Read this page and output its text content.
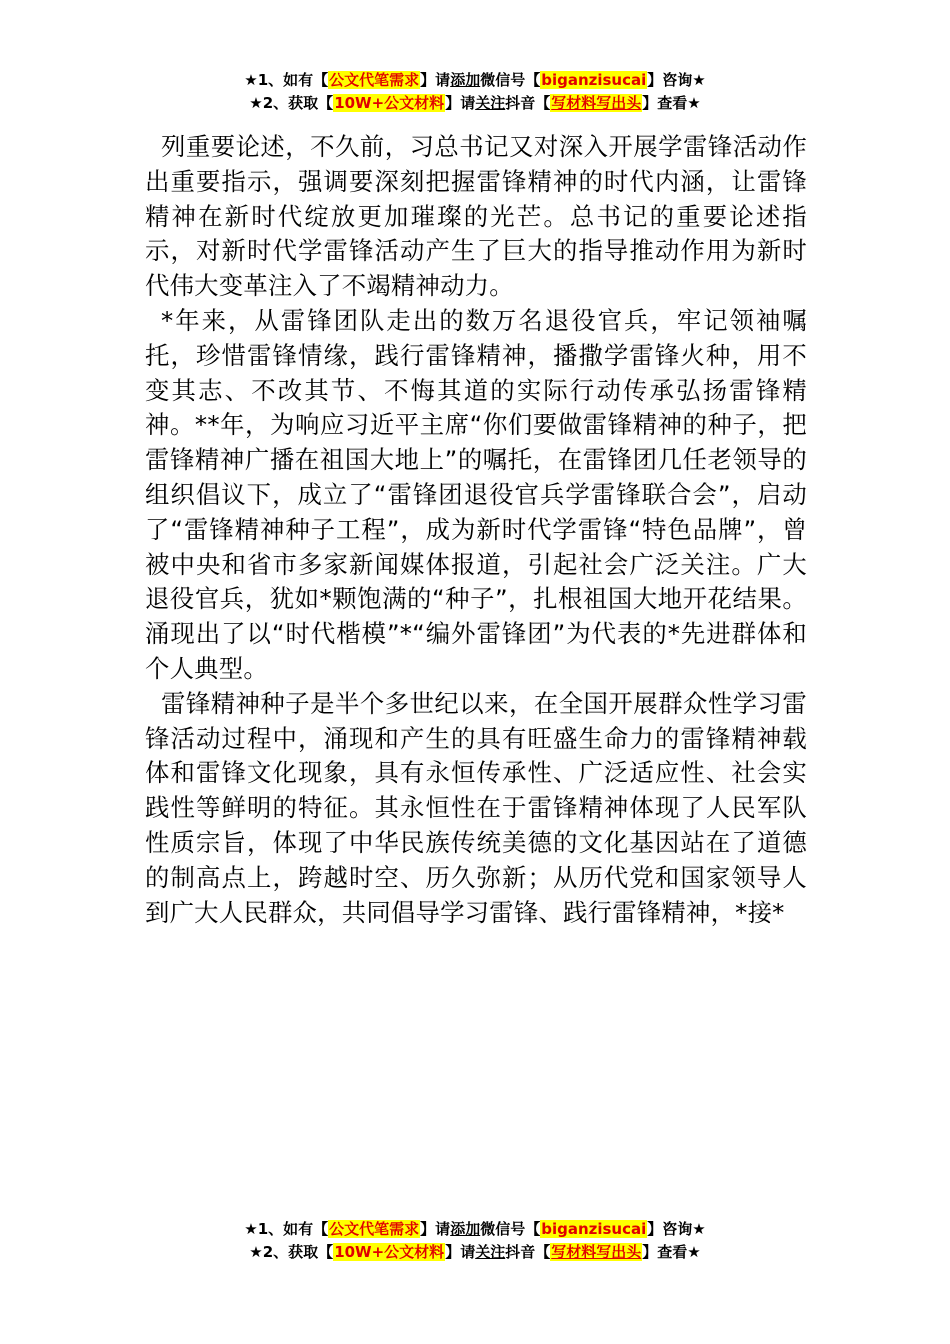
★1、如有【公文代笔需求】请添加微信号【biganzisucai】咨询★
★2、获取【10W+公文材料】请关注抖音【写材料写出头】查看★

列重要论述，不久前，习总书记又对深入开展学雷锋活动作出重要指示，强调要深刻把握雷锋精神的时代内涵，让雷锋精神在新时代绽放更加璀璨的光芒。总书记的重要论述指示，对新时代学雷锋活动产生了巨大的指导推动作用为新时代伟大变革注入了不竭精神动力。

*年来，从雷锋团队走出的数万名退役官兵，牢记领袖嘱托，珍惜雷锋情缘，践行雷锋精神，播撒学雷锋火种，用不变其志、不改其节、不悔其道的实际行动传承弘扬雷锋精神。**年，为响应习近平主席“你们要做雷锋精神的种子，把雷锋精神广播在祖国大地上”的嘱托，在雷锋团几任老领导的组织倡议下，成立了“雷锋团退役官兵学雷锋联合会”，启动了“雷锋精神种子工程”，成为新时代学雷锋“特色品牌”，曾被中央和省市多家新闻媒体报道，引起社会广泛关注。广大退役官兵，犹如*颗饱满的“种子”，扎根祖国大地开花结果。涌现出了以“时代楷模”*“编外雷锋团”为代表的*先进群体和个人典型。

雷锋精神种子是半个多世纪以来，在全国开展群众性学习雷锋活动过程中，涌现和产生的具有旺盛生命力的雷锋精神载体和雷锋文化现象，具有永恒传承性、广泛适应性、社会实践性等鲜明的特征。其永恒性在于雷锋精神体现了人民军队性质宗旨，体现了中华民族传统美德的文化基因站在了道德的制高点上，跨越时空、历久弥新；从历代党和国家领导人到广大人民群众，共同倡导学习雷锋、践行雷锋精神，*接*

★1、如有【公文代笔需求】请添加微信号【biganzisucai】咨询★
★2、获取【10W+公文材料】请关注抖音【写材料写出头】查看★
